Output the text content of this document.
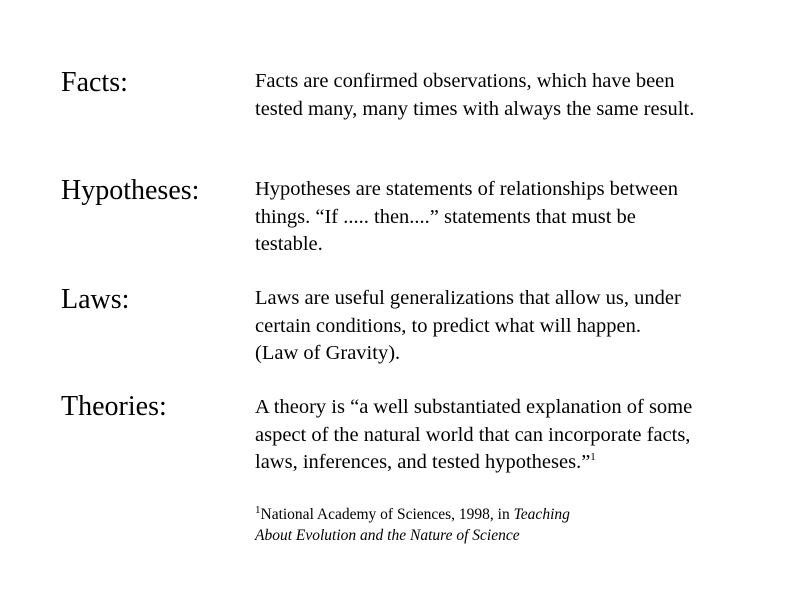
Facts:	Facts are confirmed observations, which have been
tested many, many times with always the same result.
Hypotheses:	Hypotheses are statements of relationships between
things. “If ..... then....” statements that must be
testable.
Laws:	Laws are useful generalizations that allow us, under
certain conditions, to predict what will happen.
(Law of Gravity).
Theories:	A theory is “a well substantiated explanation of some
aspect of the natural world that can incorporate facts,
laws, inferences, and tested hypotheses.”$^1$
$^1$National Academy of Sciences, 1998, in Teaching
About Evolution and the Nature of Science
